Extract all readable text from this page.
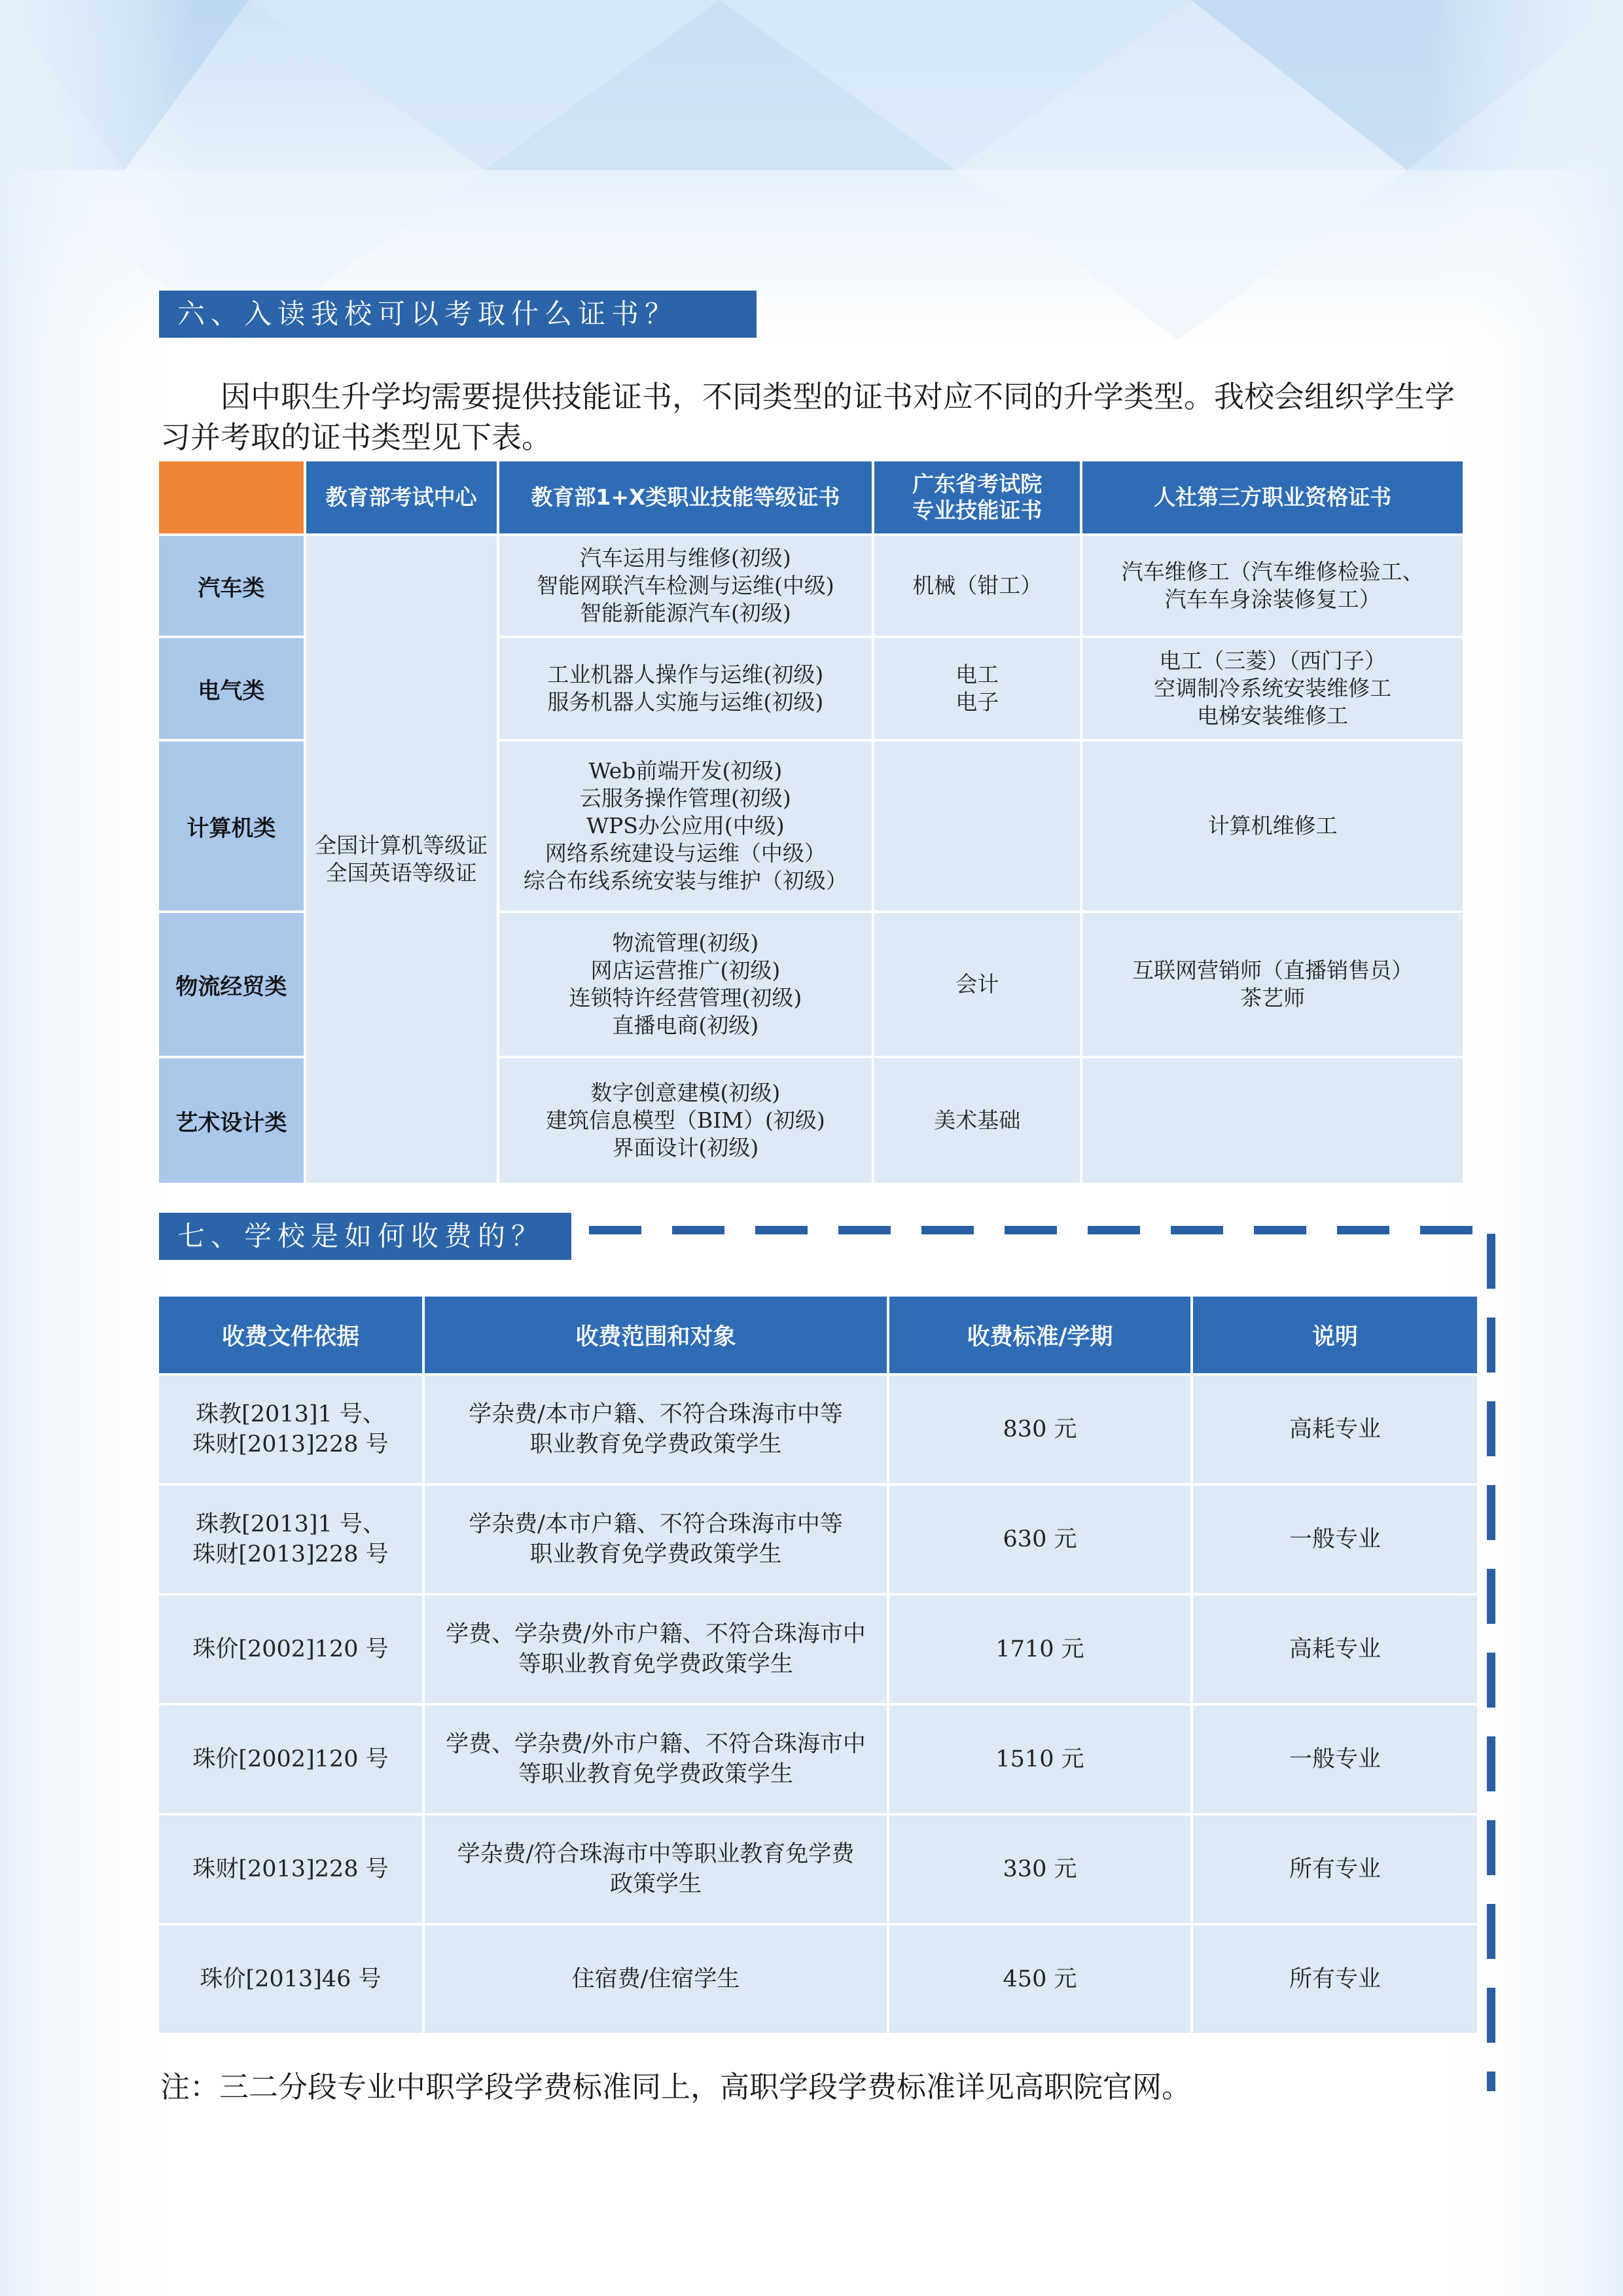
六、入读我校可以考取什么证书？

因中职生升学均需要提供技能证书，不同类型的证书对应不同的升学类型。我校会组织学生学习并考取的证书类型见下表。

	教育部考试中心	教育部1+X类职业技能等级证书	广东省考试院
专业技能证书	人社第三方职业资格证书
汽车类	全国计算机等级证
全国英语等级证	汽车运用与维修(初级)
智能网联汽车检测与运维(中级)
智能新能源汽车(初级)	机械（钳工）	汽车维修工（汽车维修检验工、
汽车车身涂装修复工）

电气类		工业机器人操作与运维(初级)
服务机器人实施与运维(初级)	电工
电子	电工（三菱）（西门子）
空调制冷系统安装维修工
电梯安装维修工

计算机类		Web前端开发(初级)
云服务操作管理(初级)
WPS办公应用(中级)
网络系统建设与运维（中级）
综合布线系统安装与维护（初级）		计算机维修工

物流经贸类		物流管理(初级)
网店运营推广(初级)
连锁特许经营管理(初级)
直播电商(初级)	会计	互联网营销师（直播销售员）
茶艺师

艺术设计类		数字创意建模(初级)
建筑信息模型（BIM）(初级)
界面设计(初级)	美术基础	

七、学校是如何收费的？
收费文件依据	收费范围和对象	收费标准/学期	说明

珠教[2013]1 号、
珠财[2013]228 号	学杂费/本市户籍、不符合珠海市中等
职业教育免学费政策学生	830 元	高耗专业

珠教[2013]1 号、
珠财[2013]228 号	学杂费/本市户籍、不符合珠海市中等
职业教育免学费政策学生	630 元	一般专业

珠价[2002]120 号	学费、学杂费/外市户籍、不符合珠海市中
等职业教育免学费政策学生	1710 元	高耗专业

珠价[2002]120 号	学费、学杂费/外市户籍、不符合珠海市中
等职业教育免学费政策学生	1510 元	一般专业

珠财[2013]228 号	学杂费/符合珠海市中等职业教育免学费
政策学生	330 元	所有专业

珠价[2013]46 号	住宿费/住宿学生	450 元	所有专业

注：三二分段专业中职学段学费标准同上，高职学段学费标准详见高职院官网。
